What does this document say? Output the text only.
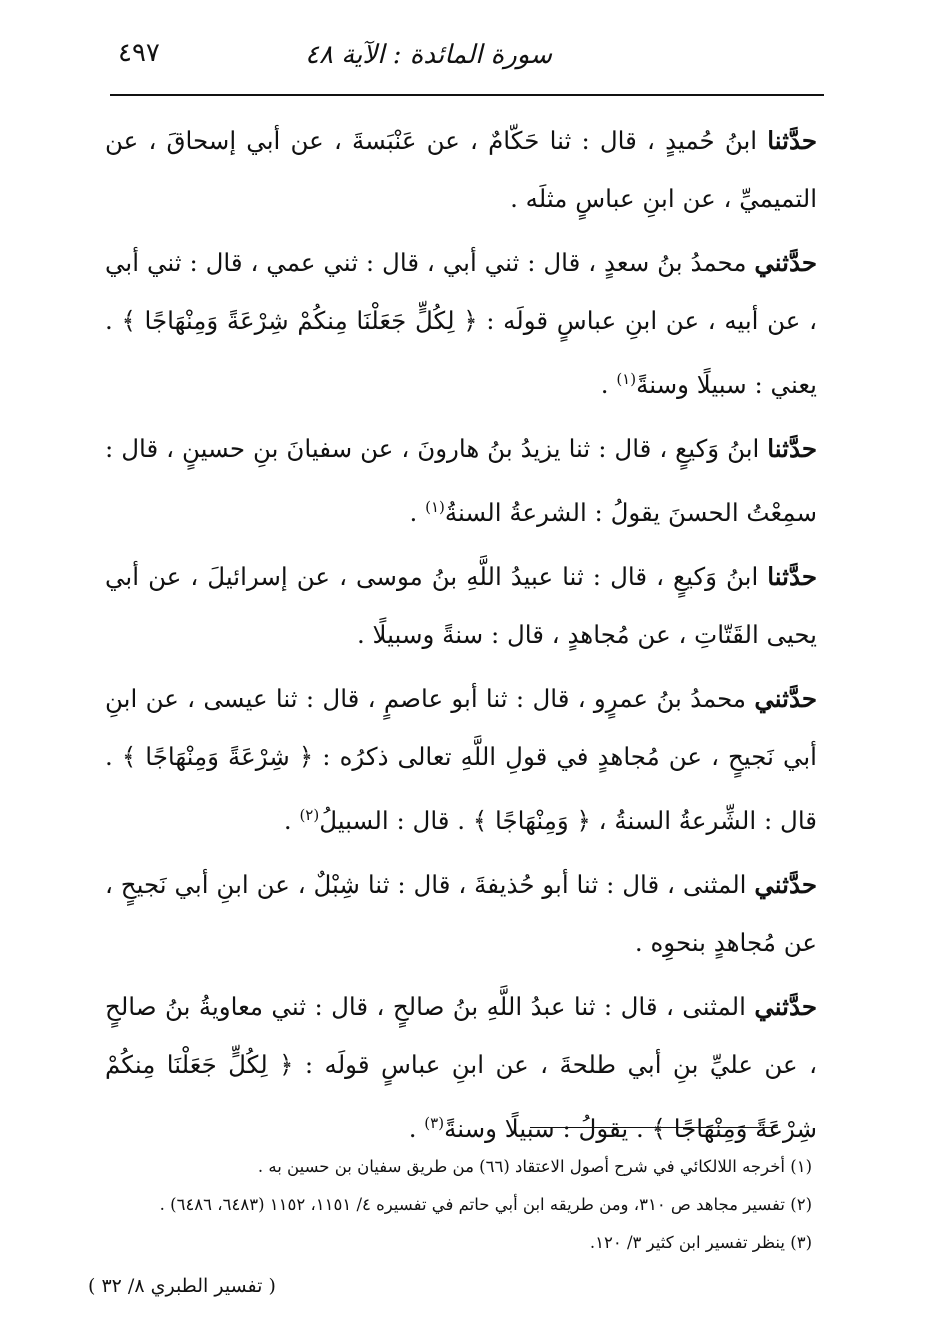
٤٩٧	سورة المائدة : الآية ٤٨

حدَّثنا ابنُ حُميدٍ ، قال : ثنا حَكّامٌ ، عن عَنْبَسةَ ، عن أبي إسحاقَ ، عن التميميِّ ، عن ابنِ عباسٍ مثلَه .

حدَّثني محمدُ بنُ سعدٍ ، قال : ثني أبي ، قال : ثني عمي ، قال : ثني أبي ، عن أبيه ، عن ابنِ عباسٍ قولَه : ﴿ لِكُلٍّ جَعَلْنَا مِنكُمْ شِرْعَةً وَمِنْهَاجًا ﴾ . يعني : سبيلًا وسنةً$^{(١)}$ .

حدَّثنا ابنُ وَكيعٍ ، قال : ثنا يزيدُ بنُ هارونَ ، عن سفيانَ بنِ حسينٍ ، قال : سمِعْتُ الحسنَ يقولُ : الشرعةُ السنةُ$^{(١)}$ .

حدَّثنا ابنُ وَكيعٍ ، قال : ثنا عبيدُ اللَّهِ بنُ موسى ، عن إسرائيلَ ، عن أبي يحيى القَتّاتِ ، عن مُجاهدٍ ، قال : سنةً وسبيلًا .

حدَّثني محمدُ بنُ عمرٍو ، قال : ثنا أبو عاصمٍ ، قال : ثنا عيسى ، عن ابنِ أبي نَجيحٍ ، عن مُجاهدٍ في قولِ اللَّهِ تعالى ذكرُه : ﴿ شِرْعَةً وَمِنْهَاجًا ﴾ . قال : الشِّرعةُ السنةُ ، ﴿ وَمِنْهَاجًا ﴾ . قال : السبيلُ$^{(٢)}$ .

حدَّثني المثنى ، قال : ثنا أبو حُذيفةَ ، قال : ثنا شِبْلٌ ، عن ابنِ أبي نَجيحٍ ، عن مُجاهدٍ بنحوِه .

حدَّثني المثنى ، قال : ثنا عبدُ اللَّهِ بنُ صالحٍ ، قال : ثني معاويةُ بنُ صالحٍ ، عن عليِّ بنِ أبي طلحةَ ، عن ابنِ عباسٍ قولَه : ﴿ لِكُلٍّ جَعَلْنَا مِنكُمْ شِرْعَةً وَمِنْهَاجًا ﴾ . يقولُ : سبيلًا وسنةً$^{(٣)}$ .

(١) أخرجه اللالكائي في شرح أصول الاعتقاد (٦٦) من طريق سفيان بن حسين به .
(٢) تفسير مجاهد ص ٣١٠، ومن طريقه ابن أبي حاتم في تفسيره ٤/ ١١٥١، ١١٥٢ (٦٤٨٣، ٦٤٨٦) .
(٣) ينظر تفسير ابن كثير ٣/ ١٢٠.
( تفسير الطبري ٨/ ٣٢ )
